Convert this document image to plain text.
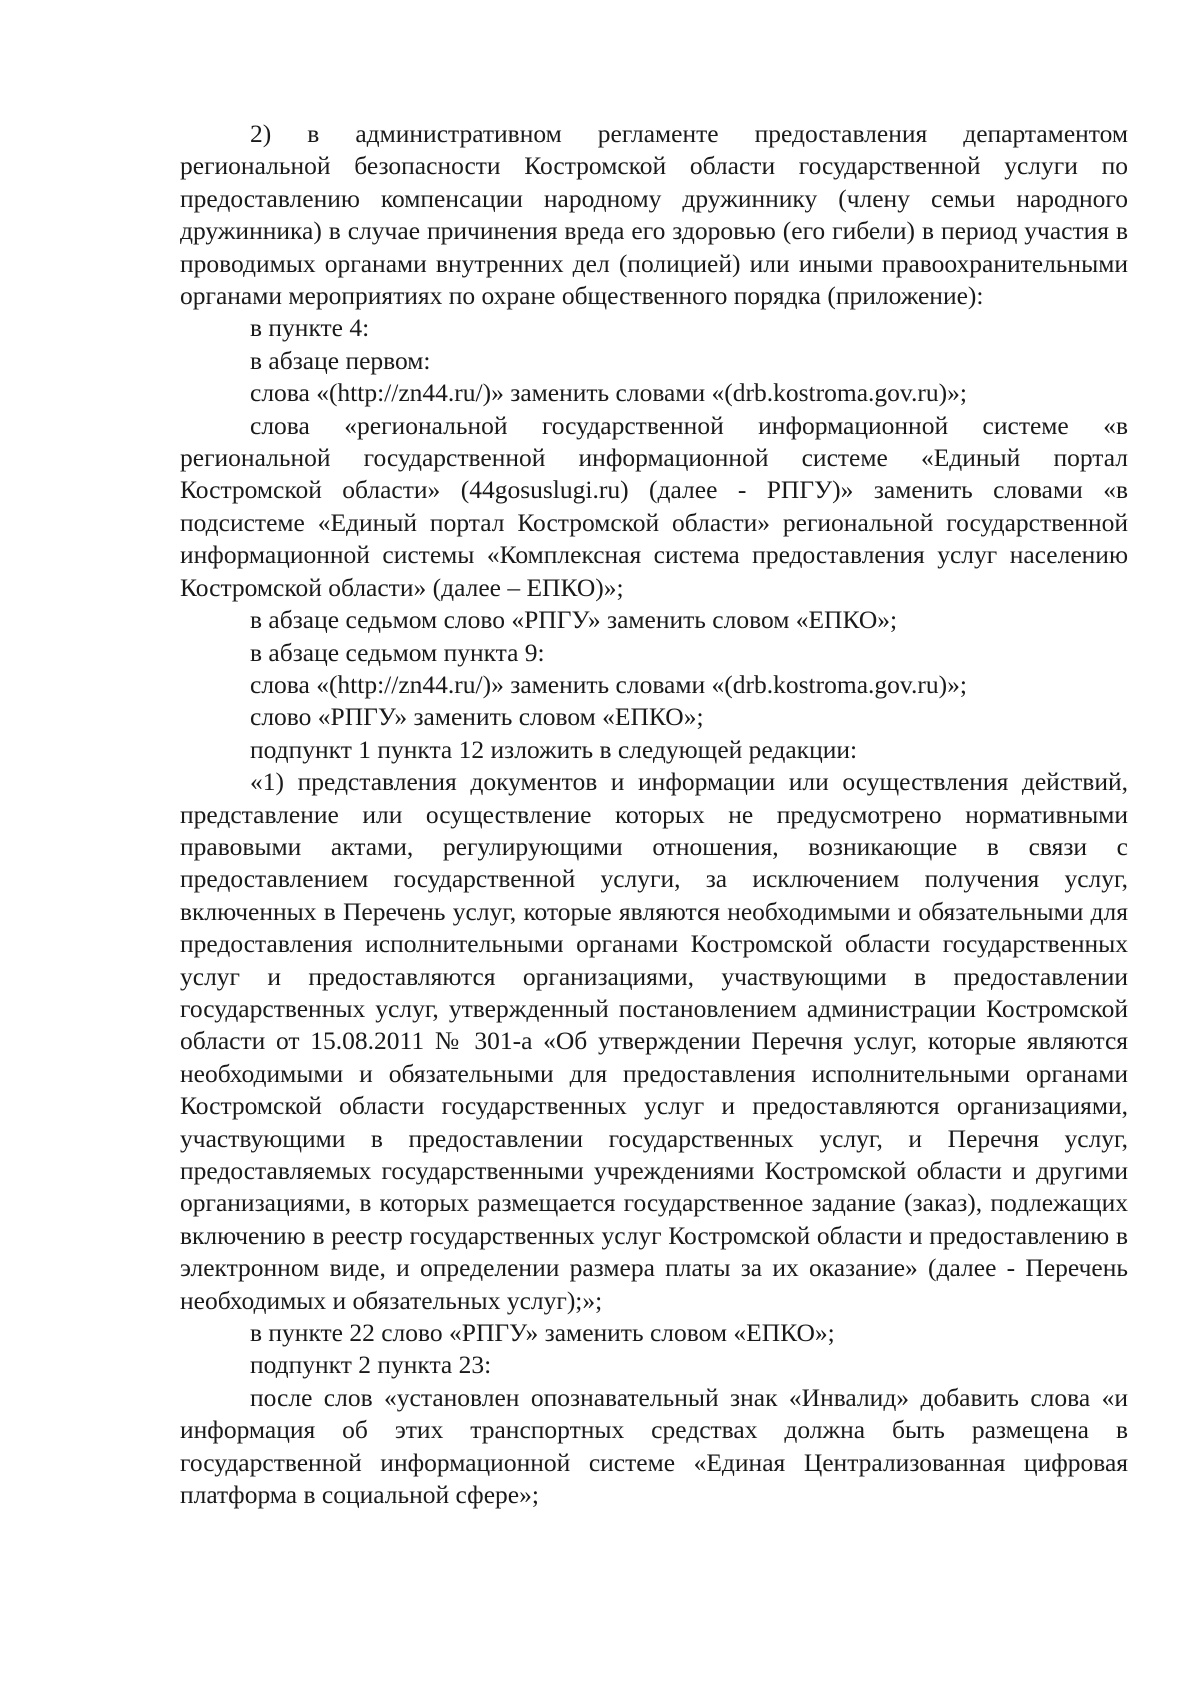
2) в административном регламенте предоставления департаментом региональной безопасности Костромской области государственной услуги по предоставлению компенсации народному дружиннику (члену семьи народного дружинника) в случае причинения вреда его здоровью (его гибели) в период участия в проводимых органами внутренних дел (полицией) или иными правоохранительными органами мероприятиях по охране общественного порядка (приложение):

в пункте 4:

в абзаце первом:

слова «(http://zn44.ru/)» заменить словами «(drb.kostroma.gov.ru)»;

слова «региональной государственной информационной системе «в региональной государственной информационной системе «Единый портал Костромской области» (44gosuslugi.ru) (далее - РПГУ)» заменить словами «в подсистеме «Единый портал Костромской области» региональной государственной информационной системы «Комплексная система предоставления услуг населению Костромской области» (далее – ЕПКО)»;

в абзаце седьмом слово «РПГУ» заменить словом «ЕПКО»;

в абзаце седьмом пункта 9:

слова «(http://zn44.ru/)» заменить словами «(drb.kostroma.gov.ru)»;

слово «РПГУ» заменить словом «ЕПКО»;

подпункт 1 пункта 12 изложить в следующей редакции:

«1) представления документов и информации или осуществления действий, представление или осуществление которых не предусмотрено нормативными правовыми актами, регулирующими отношения, возникающие в связи с предоставлением государственной услуги, за исключением получения услуг, включенных в Перечень услуг, которые являются необходимыми и обязательными для предоставления исполнительными органами Костромской области государственных услуг и предоставляются организациями, участвующими в предоставлении государственных услуг, утвержденный постановлением администрации Костромской области от 15.08.2011 № 301-а «Об утверждении Перечня услуг, которые являются необходимыми и обязательными для предоставления исполнительными органами Костромской области государственных услуг и предоставляются организациями, участвующими в предоставлении государственных услуг, и Перечня услуг, предоставляемых государственными учреждениями Костромской области и другими организациями, в которых размещается государственное задание (заказ), подлежащих включению в реестр государственных услуг Костромской области и предоставлению в электронном виде, и определении размера платы за их оказание» (далее - Перечень необходимых и обязательных услуг);»;

в пункте 22 слово «РПГУ» заменить словом «ЕПКО»;

подпункт 2 пункта 23:

после слов «установлен опознавательный знак «Инвалид» добавить слова «и информация об этих транспортных средствах должна быть размещена в государственной информационной системе «Единая Централизованная цифровая платформа в социальной сфере»;
